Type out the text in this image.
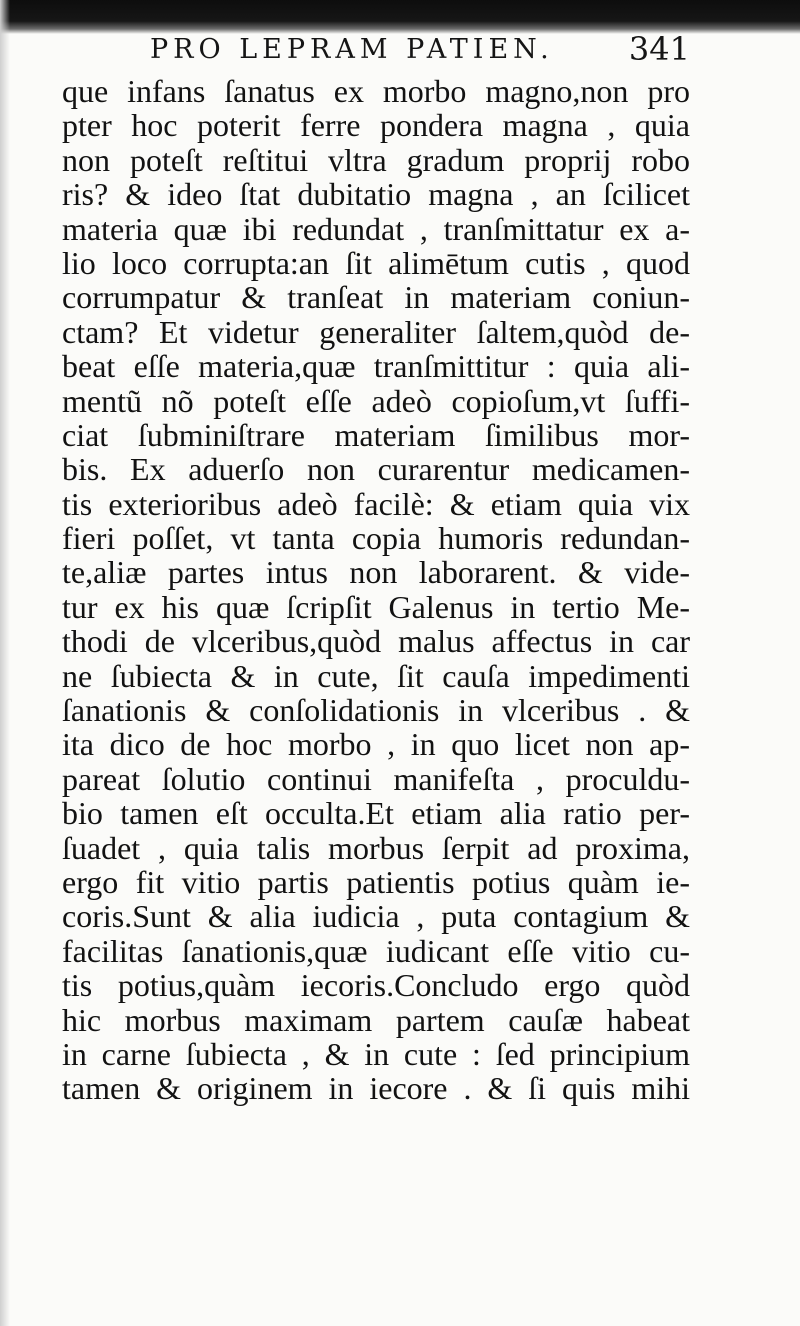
PRO LEPRAM PATIEN. 341
que infans ſanatus ex morbo magno,non pro
pter hoc poterit ferre pondera magna , quia
non poteſt reſtitui vltra gradum proprij robo
ris? & ideo ſtat dubitatio magna , an ſcilicet
materia quæ ibi redundat , tranſmittatur ex a-
lio loco corrupta:an ſit alimētum cutis , quod
corrumpatur & tranſeat in materiam coniun-
ctam? Et videtur generaliter ſaltem,quòd de-
beat eſſe materia,quæ tranſmittitur : quia ali-
mentũ nõ poteſt eſſe adeò copioſum,vt ſuffi-
ciat ſubminiſtrare materiam ſimilibus mor-
bis. Ex aduerſo non curarentur medicamen-
tis exterioribus adeò facilè: & etiam quia vix
fieri poſſet, vt tanta copia humoris redundan-
te,aliæ partes intus non laborarent. & vide-
tur ex his quæ ſcripſit Galenus in tertio Me-
thodi de vlceribus,quòd malus affectus in car
ne ſubiecta & in cute, ſit cauſa impedimenti
ſanationis & conſolidationis in vlceribus . &
ita dico de hoc morbo , in quo licet non ap-
pareat ſolutio continui manifeſta , proculdu-
bio tamen eſt occulta.Et etiam alia ratio per-
ſuadet , quia talis morbus ſerpit ad proxima,
ergo fit vitio partis patientis potius quàm ie-
coris.Sunt & alia iudicia , puta contagium &
facilitas ſanationis,quæ iudicant eſſe vitio cu-
tis potius,quàm iecoris.Concludo ergo quòd
hic morbus maximam partem cauſæ habeat
in carne ſubiecta , & in cute : ſed principium
tamen & originem in iecore . & ſi quis mihi
